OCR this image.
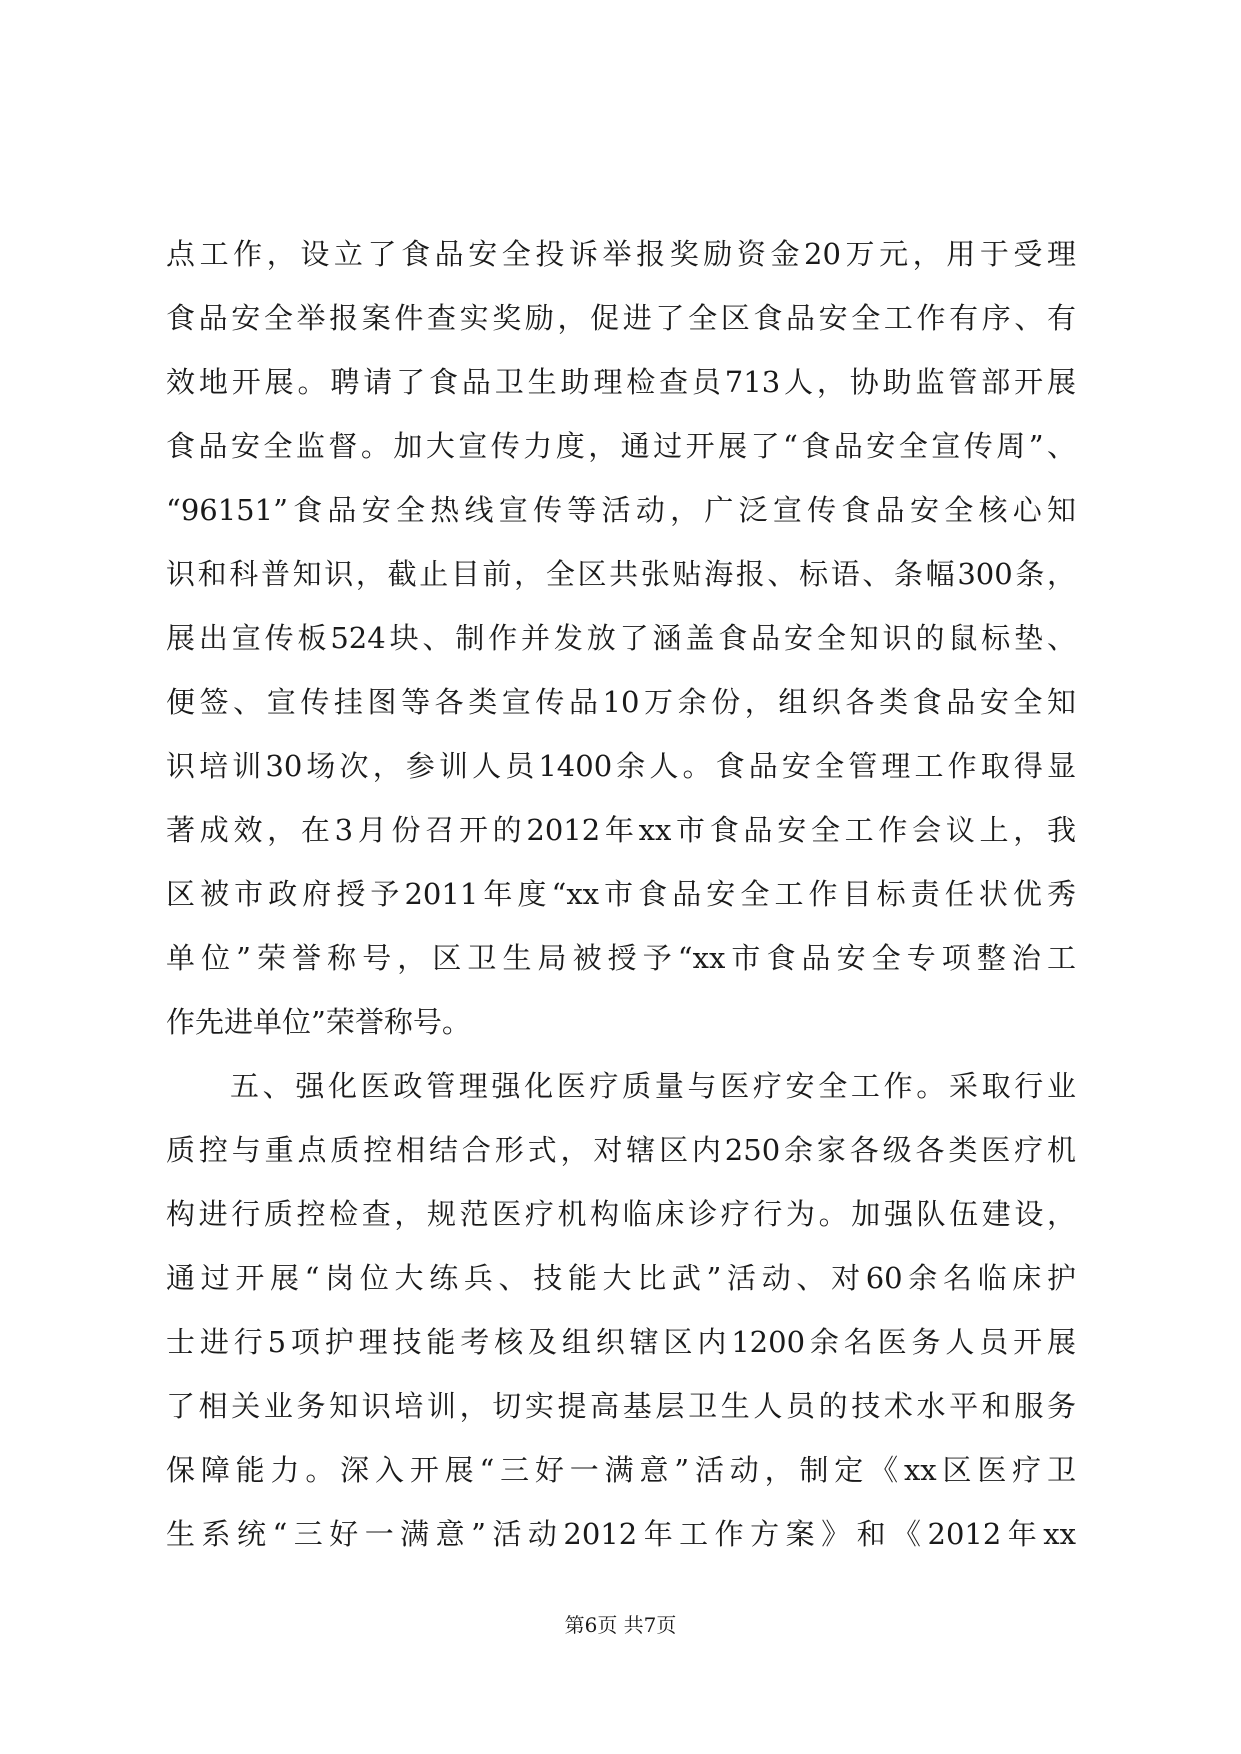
点工作，设立了食品安全投诉举报奖励资金20万元，用于受理
食品安全举报案件查实奖励，促进了全区食品安全工作有序、有
效地开展。聘请了食品卫生助理检查员713人，协助监管部开展
食品安全监督。加大宣传力度，通过开展了“食品安全宣传周”、
“96151”食品安全热线宣传等活动，广泛宣传食品安全核心知
识和科普知识，截止目前，全区共张贴海报、标语、条幅300条，
展出宣传板524块、制作并发放了涵盖食品安全知识的鼠标垫、
便签、宣传挂图等各类宣传品10万余份，组织各类食品安全知
识培训30场次，参训人员1400余人。食品安全管理工作取得显
著成效，在3月份召开的2012年xx市食品安全工作会议上，我
区被市政府授予2011年度“xx市食品安全工作目标责任状优秀
单位”荣誉称号，区卫生局被授予“xx市食品安全专项整治工
作先进单位”荣誉称号。
五、强化医政管理强化医疗质量与医疗安全工作。采取行业
质控与重点质控相结合形式，对辖区内250余家各级各类医疗机
构进行质控检查，规范医疗机构临床诊疗行为。加强队伍建设，
通过开展“岗位大练兵、技能大比武”活动、对60余名临床护
士进行5项护理技能考核及组织辖区内1200余名医务人员开展
了相关业务知识培训，切实提高基层卫生人员的技术水平和服务
保障能力。深入开展“三好一满意”活动，制定《xx区医疗卫
生系统“三好一满意”活动2012年工作方案》和《2012年xx
第6页 共7页
